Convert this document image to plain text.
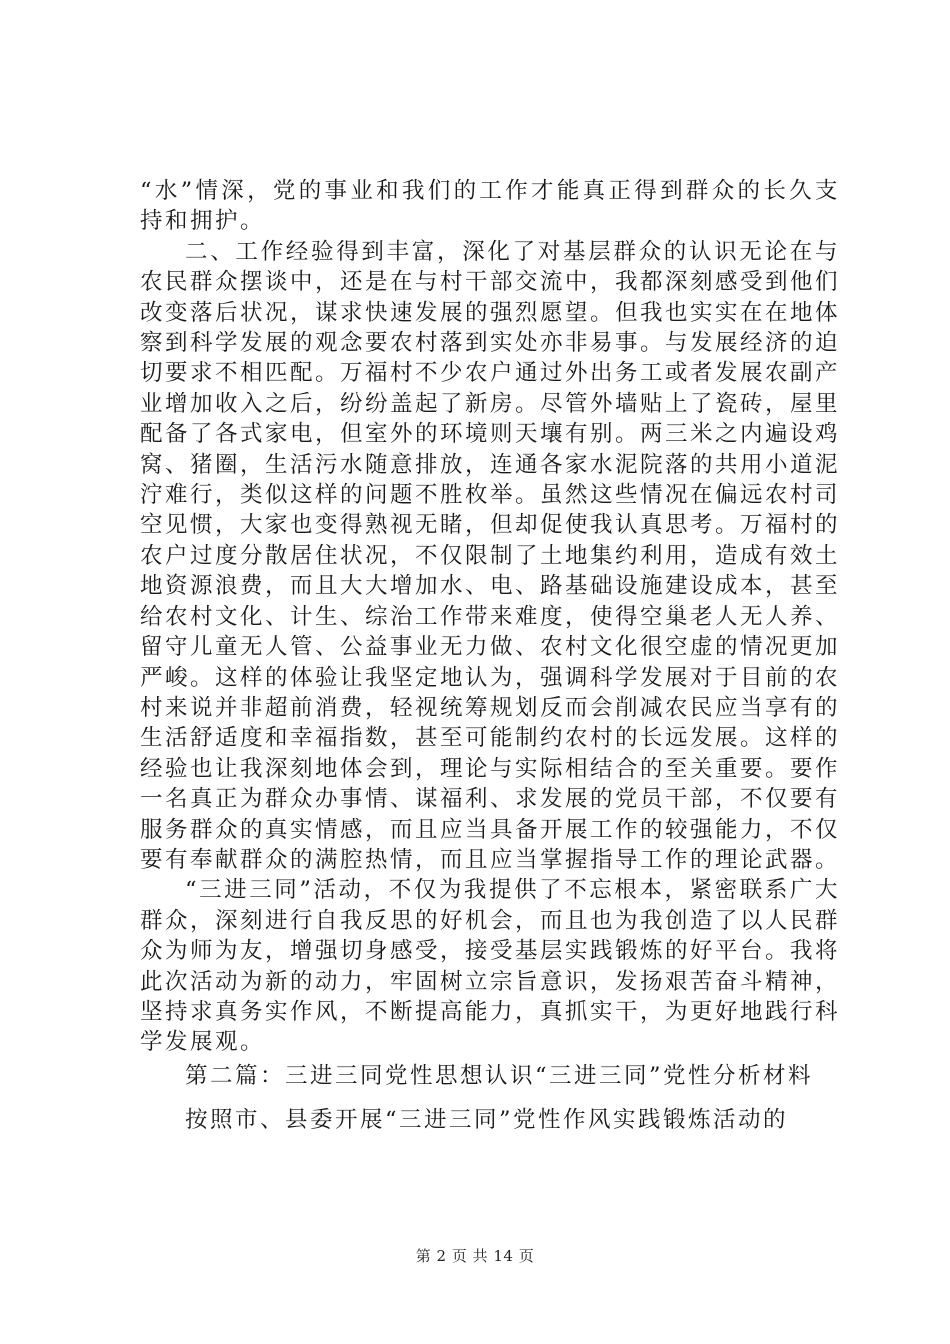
“水”情深，党的事业和我们的工作才能真正得到群众的长久支持和拥护。

二、工作经验得到丰富，深化了对基层群众的认识无论在与农民群众摆谈中，还是在与村干部交流中，我都深刻感受到他们改变落后状况，谋求快速发展的强烈愿望。但我也实实在在地体察到科学发展的观念要农村落到实处亦非易事。与发展经济的迫切要求不相匹配。万福村不少农户通过外出务工或者发展农副产业增加收入之后，纷纷盖起了新房。尽管外墙贴上了瓷砖，屋里配备了各式家电，但室外的环境则天壤有别。两三米之内遍设鸡窝、猪圈，生活污水随意排放，连通各家水泥院落的共用小道泥泞难行，类似这样的问题不胜枚举。虽然这些情况在偏远农村司空见惯，大家也变得熟视无睹，但却促使我认真思考。万福村的农户过度分散居住状况，不仅限制了土地集约利用，造成有效土地资源浪费，而且大大增加水、电、路基础设施建设成本，甚至给农村文化、计生、综治工作带来难度，使得空巢老人无人养、留守儿童无人管、公益事业无力做、农村文化很空虚的情况更加严峻。这样的体验让我坚定地认为，强调科学发展对于目前的农村来说并非超前消费，轻视统筹规划反而会削减农民应当享有的生活舒适度和幸福指数，甚至可能制约农村的长远发展。这样的经验也让我深刻地体会到，理论与实际相结合的至关重要。要作一名真正为群众办事情、谋福利、求发展的党员干部，不仅要有服务群众的真实情感，而且应当具备开展工作的较强能力，不仅要有奉献群众的满腔热情，而且应当掌握指导工作的理论武器。

“三进三同”活动，不仅为我提供了不忘根本，紧密联系广大群众，深刻进行自我反思的好机会，而且也为我创造了以人民群众为师为友，增强切身感受，接受基层实践锻炼的好平台。我将此次活动为新的动力，牢固树立宗旨意识，发扬艰苦奋斗精神，坚持求真务实作风，不断提高能力，真抓实干，为更好地践行科学发展观。

第二篇：三进三同党性思想认识“三进三同”党性分析材料

按照市、县委开展“三进三同”党性作风实践锻炼活动的

第 2 页 共 14 页
